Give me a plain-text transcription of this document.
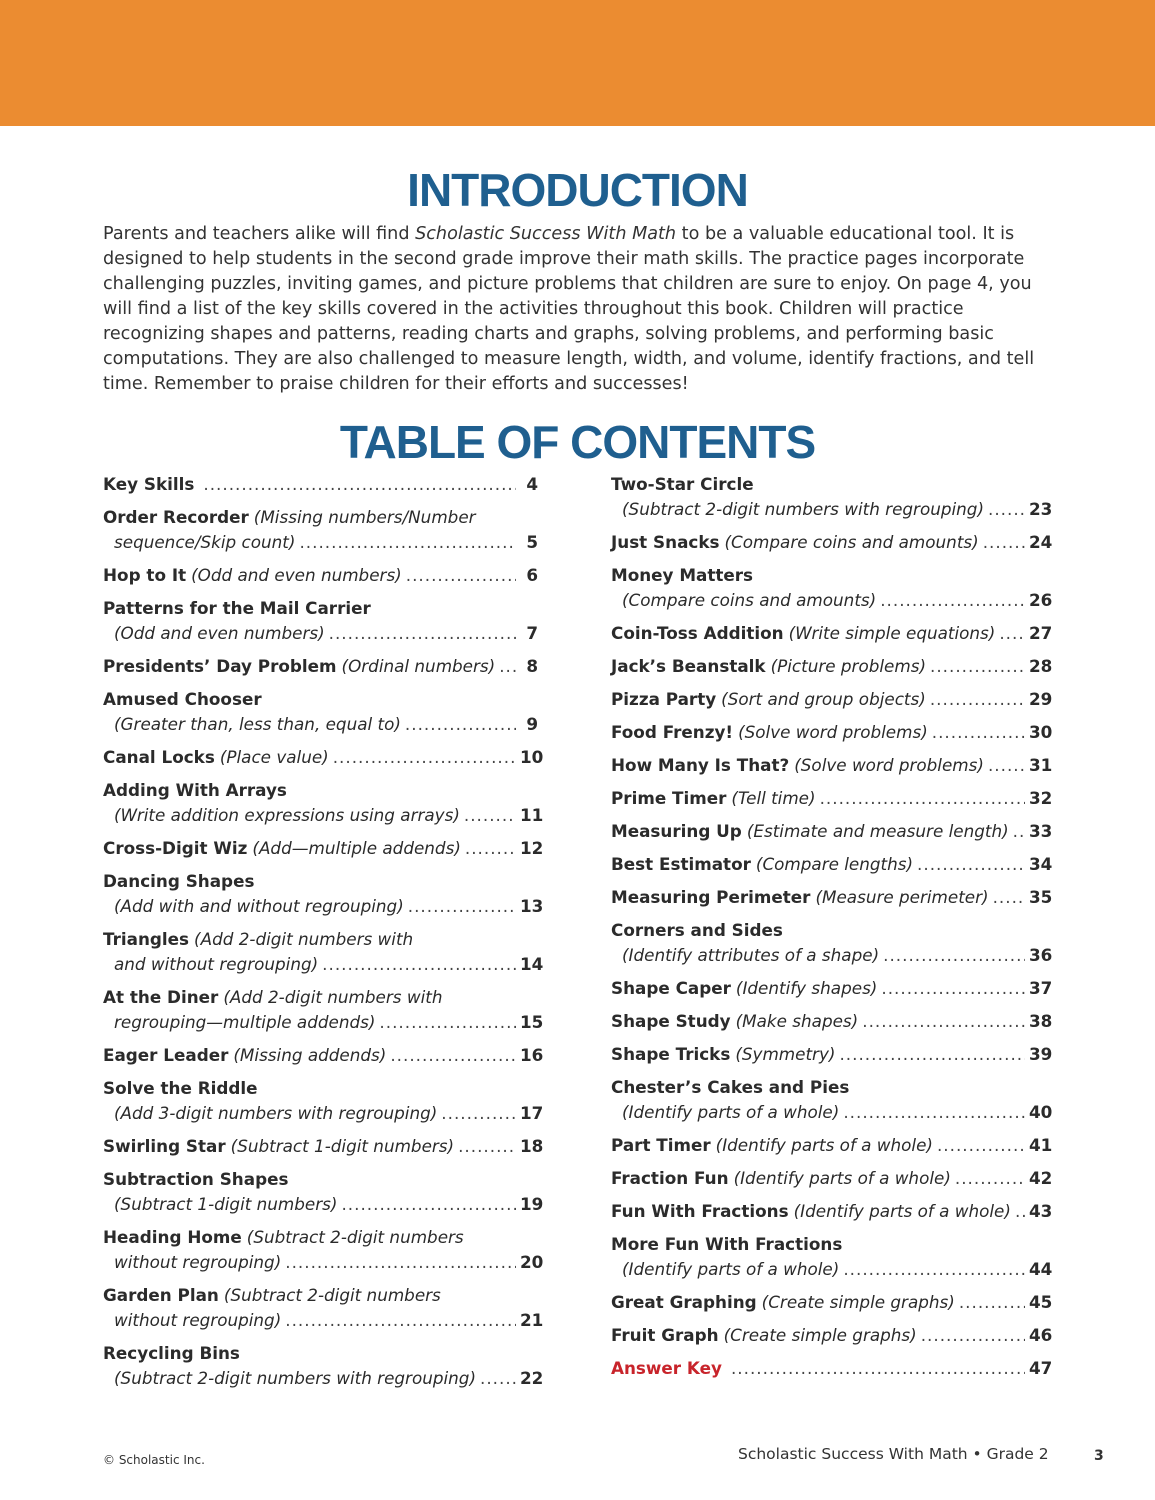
INTRODUCTION
Parents and teachers alike will find Scholastic Success With Math to be a valuable educational tool. It is designed to help students in the second grade improve their math skills. The practice pages incorporate challenging puzzles, inviting games, and picture problems that children are sure to enjoy. On page 4, you will find a list of the key skills covered in the activities throughout this book. Children will practice recognizing shapes and patterns, reading charts and graphs, solving problems, and performing basic computations. They are also challenged to measure length, width, and volume, identify fractions, and tell time. Remember to praise children for their efforts and successes!
TABLE OF CONTENTS
Key Skills .....	4
Order Recorder (Missing numbers/Number
sequence/Skip count) .....	5
Hop to It (Odd and even numbers) .....	6
Patterns for the Mail Carrier
(Odd and even numbers) .....	7
Presidents’ Day Problem (Ordinal numbers) .....	8
Amused Chooser
(Greater than, less than, equal to) .....	9
Canal Locks (Place value) .....	10
Adding With Arrays
(Write addition expressions using arrays) .....	11
Cross-Digit Wiz (Add—multiple addends) .....	12
Dancing Shapes
(Add with and without regrouping) .....	13
Triangles (Add 2-digit numbers with
and without regrouping) .....	14
At the Diner (Add 2-digit numbers with
regrouping—multiple addends) .....	15
Eager Leader (Missing addends) .....	16
Solve the Riddle
(Add 3-digit numbers with regrouping) .....	17
Swirling Star (Subtract 1-digit numbers) .....	18
Subtraction Shapes
(Subtract 1-digit numbers) .....	19
Heading Home (Subtract 2-digit numbers
without regrouping) .....	20
Garden Plan (Subtract 2-digit numbers
without regrouping) .....	21
Recycling Bins
(Subtract 2-digit numbers with regrouping) .....	22
Two-Star Circle
(Subtract 2-digit numbers with regrouping) .....	23
Just Snacks (Compare coins and amounts) .....	24
Money Matters
(Compare coins and amounts) .....	26
Coin-Toss Addition (Write simple equations) ..... 27
Jack’s Beanstalk (Picture problems) .....	28
Pizza Party (Sort and group objects) .....	29
Food Frenzy! (Solve word problems) .....	30
How Many Is That? (Solve word problems) .....	31
Prime Timer (Tell time) .....	32
Measuring Up (Estimate and measure length) ..... 33
Best Estimator (Compare lengths) .....	34
Measuring Perimeter (Measure perimeter) ..... 35
Corners and Sides
(Identify attributes of a shape) .....	36
Shape Caper (Identify shapes) .....	37
Shape Study (Make shapes) .....	38
Shape Tricks (Symmetry) .....	39
Chester’s Cakes and Pies
(Identify parts of a whole) .....	40
Part Timer (Identify parts of a whole) .....	41
Fraction Fun (Identify parts of a whole) .....	42
Fun With Fractions (Identify parts of a whole) ..... 43
More Fun With Fractions
(Identify parts of a whole) .....	44
Great Graphing (Create simple graphs) .....	45
Fruit Graph (Create simple graphs) .....	46
Answer Key .....	47
© Scholastic Inc.	Scholastic Success With Math • Grade 2	3
